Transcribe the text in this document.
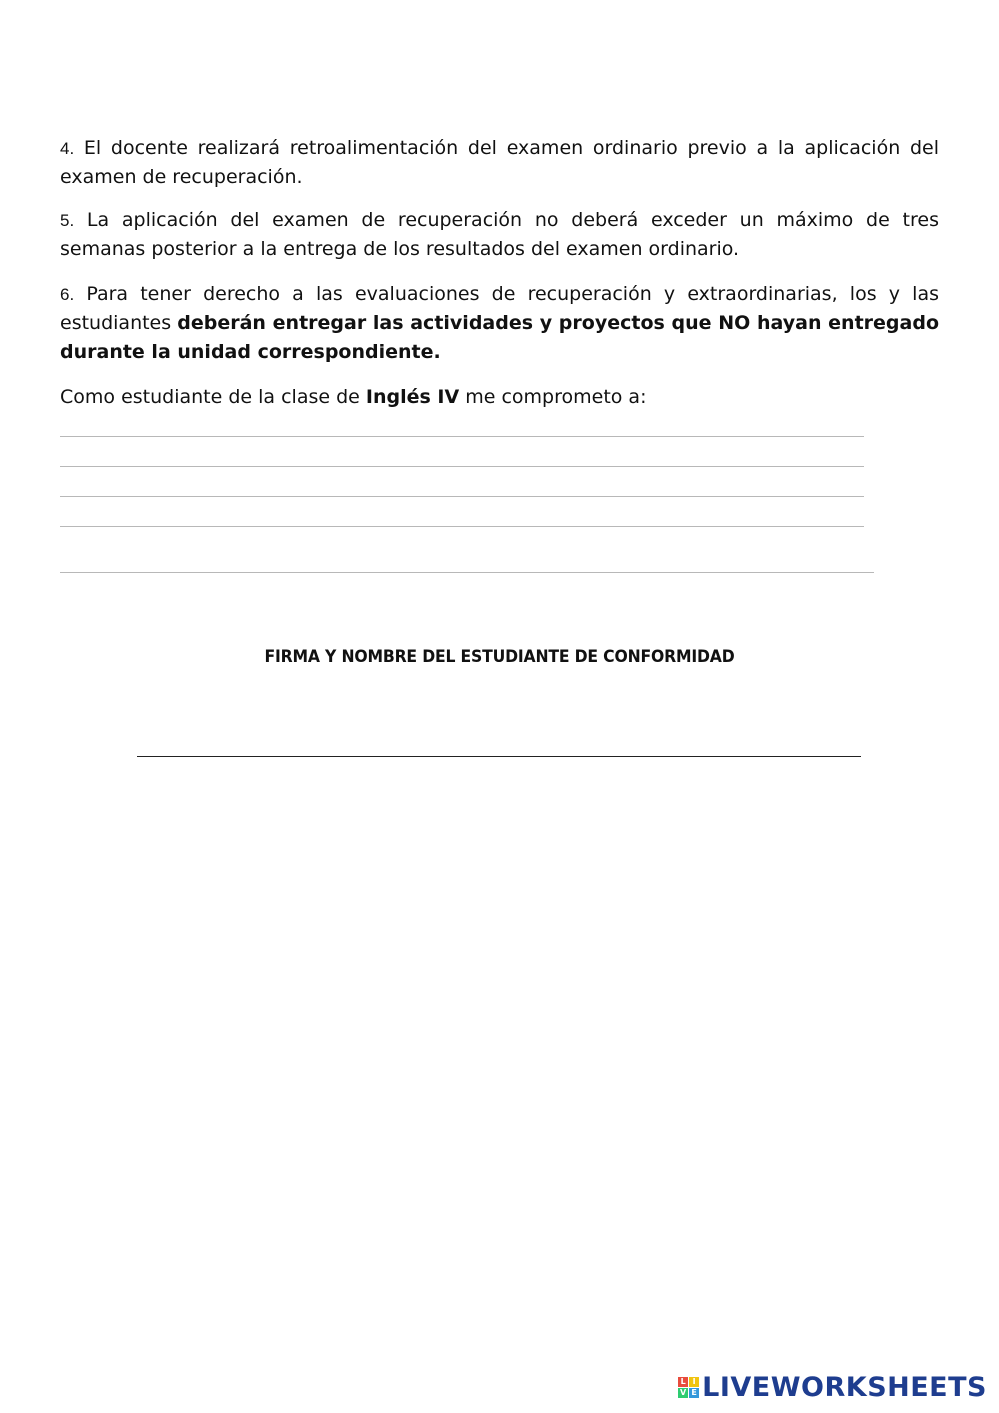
4. El docente realizará retroalimentación del examen ordinario previo a la aplicación del examen de recuperación.

5. La aplicación del examen de recuperación no deberá exceder un máximo de tres semanas posterior a la entrega de los resultados del examen ordinario.

6. Para tener derecho a las evaluaciones de recuperación y extraordinarias, los y las estudiantes deberán entregar las actividades y proyectos que NO hayan entregado durante la unidad correspondiente.

Como estudiante de la clase de Inglés IV me comprometo a:

FIRMA Y NOMBRE DEL ESTUDIANTE DE CONFORMIDAD
L I
V E LIVEWORKSHEETS
